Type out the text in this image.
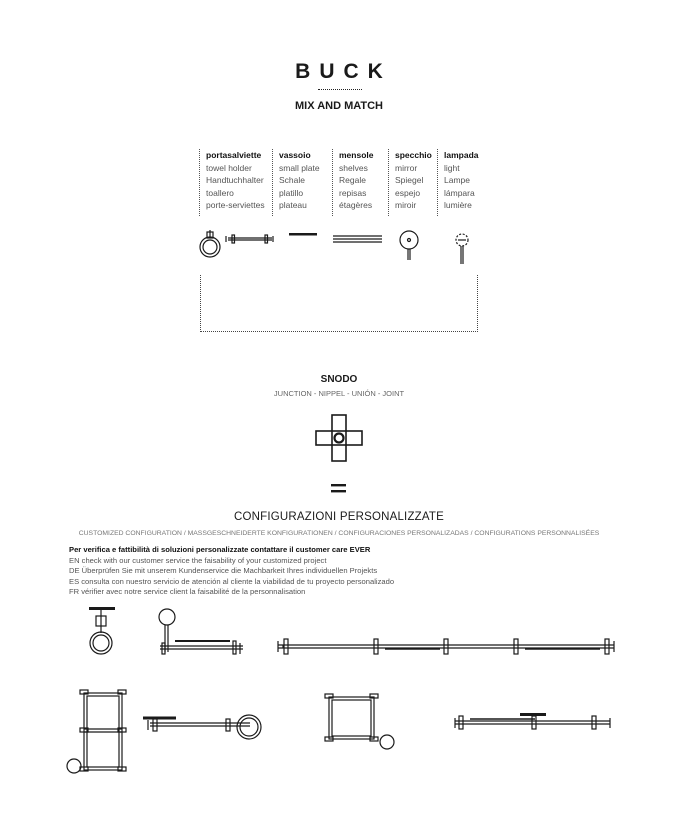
BUCK
MIX AND MATCH
portasalviette
towel holder
Handtuchhalter
toallero
porte-serviettes
vassoio
small plate
Schale
platillo
plateau
mensole
shelves
Regale
repisas
étagères
specchio
mirror
Spiegel
espejo
miroir
lampada
light
Lampe
lámpara
lumière
SNODO
JUNCTION - NIPPEL - UNIÓN - JOINT
CONFIGURAZIONI PERSONALIZZATE
CUSTOMIZED CONFIGURATION / MASSGESCHNEIDERTE KONFIGURATIONEN / CONFIGURACIONES PERSONALIZADAS / CONFIGURATIONS PERSONNALISÉES
Per verifica e fattibilità di soluzioni personalizzate contattare il customer care EVER
EN check with our customer service the faisability of your customized project
DE Überprüfen Sie mit unserem Kundenservice die Machbarkeit Ihres individuellen Projekts
ES consulta con nuestro servicio de atención al cliente la viabilidad de tu proyecto personalizado
FR vérifier avec notre service client la faisabilité de la personnalisation
